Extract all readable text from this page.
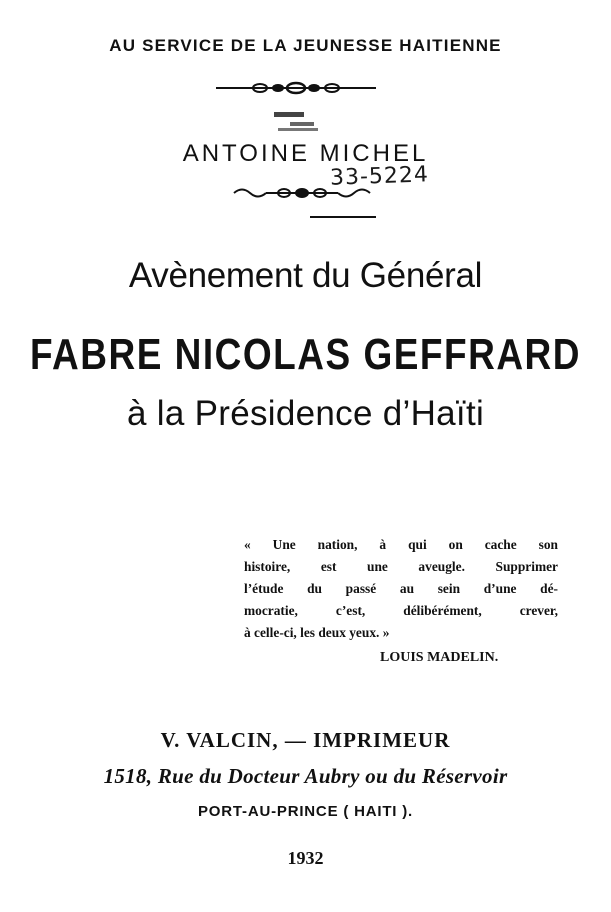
AU SERVICE DE LA JEUNESSE HAITIENNE
ANTOINE MICHEL
33-5224
Avènement du Général
FABRE NICOLAS GEFFRARD
à la Présidence d’Haïti
« Une nation, à qui on cache son
histoire, est une aveugle. Supprimer
l’étude du passé au sein d’une dé-
mocratie, c’est, délibérément, crever,
à celle-ci, les deux yeux. »
LOUIS MADELIN.
V. VALCIN, — IMPRIMEUR
1518, Rue du Docteur Aubry ou du Réservoir
PORT-AU-PRINCE ( HAITI ).
1932
